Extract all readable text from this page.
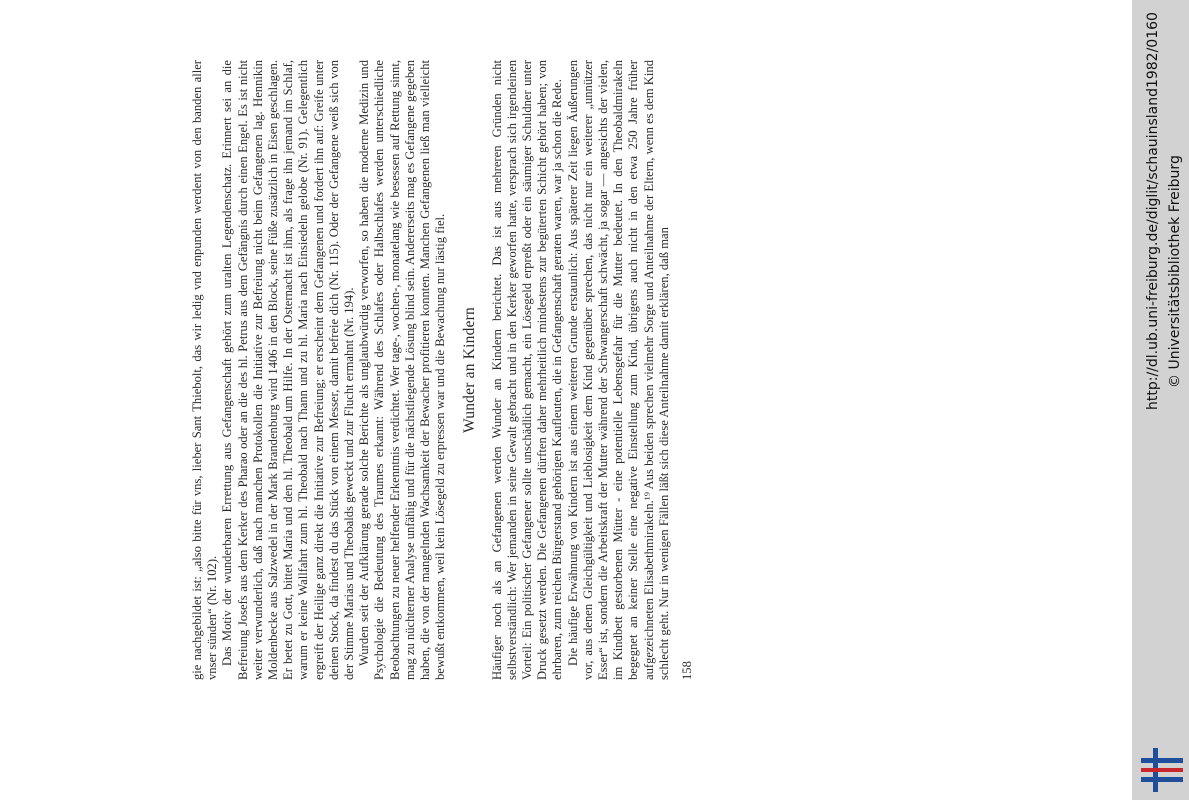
gie nachgebildet ist: „also bitte für vns, lieber Sant Thiebolt, das wir ledig vnd enpunden werdent von den banden aller vnser sünden“ (Nr. 102). Das Motiv der wunderbaren Errettung aus Gefangenschaft gehört zum uralten Legendenschatz. Erinnert sei an die Befreiung Josefs aus dem Kerker des Pharao oder an die des hl. Petrus aus dem Gefängnis durch einen Engel. Es ist nicht weiter verwunderlich, daß nach manchen Protokollen die Initiative zur Befreiung nicht beim Gefangenen lag. Hennikin Moldenbecke aus Salzwedel in der Mark Brandenburg wird 1406 in den Block, seine Füße zusätzlich in Eisen geschlagen. Er betet zu Gott, bittet Maria und den hl. Theobald um Hilfe. In der Osternacht ist ihm, als frage ihn jemand im Schlaf, warum er keine Wallfahrt zum hl. Theobald nach Thann und zu hl. Maria nach Einsiedeln gelobe (Nr. 91). Gelegentlich ergreift der Heilige ganz direkt die Initiative zur Befreiung; er erscheint dem Gefangenen und fordert ihn auf: Greife unter deinen Stock, da findest du das Stück von einem Messer, damit befreie dich (Nr. 115). Oder der Gefangene weiß sich von der Stimme Marias und Theobalds geweckt und zur Flucht ermahnt (Nr. 194). Wurden seit der Aufklärung gerade solche Berichte als unglaubwürdig verworfen, so haben die moderne Medizin und Psychologie die Bedeutung des Traumes erkannt: Während des Schlafes oder Halbschlafes werden unterschiedliche Beobachtungen zu neuer helfender Erkenntnis verdichtet. Wer tage-, wochen-, monatelang wie besessen auf Rettung sinnt, mag zu nüchterner Analyse unfähig und für die nächstliegende Lösung blind sein. Andererseits mag es Gefangene gegeben haben, die von der mangelnden Wachsamkeit der Bewacher profitieren konnten. Manchen Gefangenen ließ man vielleicht bewußt entkommen, weil kein Lösegeld zu erpressen war und die Bewachung nur lästig fiel. Wunder an Kindern Häufiger noch als an Gefangenen werden Wunder an Kindern berichtet. Das ist aus mehreren Gründen nicht selbstverständlich: Wer jemanden in seine Gewalt gebracht und in den Kerker geworfen hatte, versprach sich irgendeinen Vorteil: Ein politischer Gefangener sollte unschädlich gemacht, ein Lösegeld erpreßt oder ein säumiger Schuldner unter Druck gesetzt werden. Die Gefangenen dürften daher mehrheitlich mindestens zur begüterten Schicht gehört haben; von ehrbaren, zum reichen Bürgerstand gehörigen Kaufleuten, die in Gefangenschaft geraten waren, war ja schon die Rede. Die häufige Erwähnung von Kindern ist aus einem weiteren Grunde erstaunlich: Aus späterer Zeit liegen Äußerungen vor, aus denen Gleichgültigkeit und Lieblosigkeit dem Kind gegenüber sprechen, das nicht nur ein weiterer „unnützer Esser“ ist, sondern die Arbeitskraft der Mutter während der Schwangerschaft schwächt, ja sogar — angesichts der vielen, im Kindbett gestorbenen Mütter - eine potentielle Lebensgefahr für die Mutter bedeutet. In den Theobaldmirakeln begegnet an keiner Stelle eine negative Einstellung zum Kind, übrigens auch nicht in den etwa 250 Jahre früher aufgezeichneten Elisabethmirakeln.¹⁹ Aus beiden sprechen vielmehr Sorge und Anteilnahme der Eltern, wenn es dem Kind schlecht geht. Nur in wenigen Fällen läßt sich diese Anteilnahme damit erklären, daß man 158
http://dl.ub.uni-freiburg.de/diglit/schauinsland1982/0160 © Universitätsbibliothek Freiburg
